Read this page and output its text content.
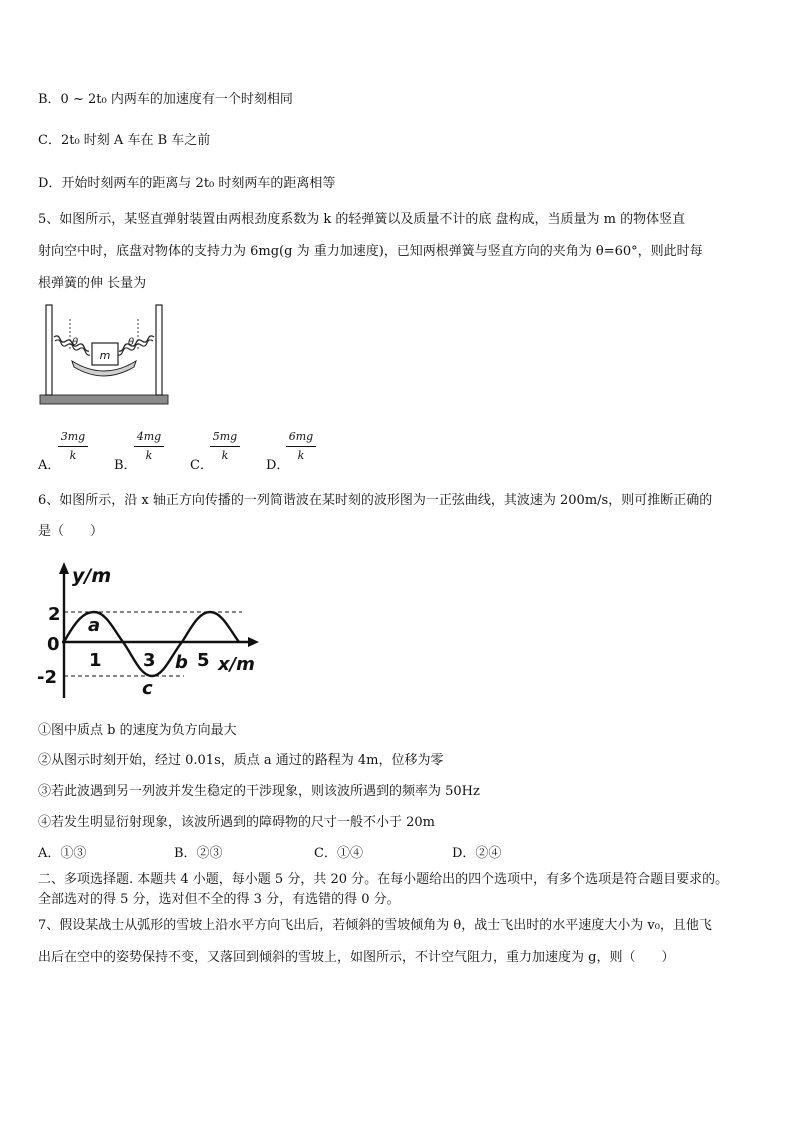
B．0 ~ 2t₀ 内两车的加速度有一个时刻相同
C．2t₀ 时刻 A 车在 B 车之前
D．开始时刻两车的距离与 2t₀ 时刻两车的距离相等
5、如图所示，某竖直弹射装置由两根劲度系数为 k 的轻弹簧以及质量不计的底 盘构成，当质量为 m 的物体竖直
射向空中时，底盘对物体的支持力为 6mg(g 为 重力加速度)，已知两根弹簧与竖直方向的夹角为 θ=60°，则此时每
根弹簧的伸 长量为
m
θ	θ
A．
$\frac{3mg}{k}$
B．
$\frac{4mg}{k}$
C．
$\frac{5mg}{k}$
D．
$\frac{6mg}{k}$
6、如图所示，沿 x 轴正方向传播的一列简谐波在某时刻的波形图为一正弦曲线，其波速为 200m/s，则可推断正确的
是（　　）
y/m
x/m
2
0
-2
1 3 5
a
b
c
①图中质点 b 的速度为负方向最大
②从图示时刻开始，经过 0.01s，质点 a 通过的路程为 4m，位移为零
③若此波遇到另一列波并发生稳定的干涉现象，则该波所遇到的频率为 50Hz
④若发生明显衍射现象，该波所遇到的障碍物的尺寸一般不小于 20m
A．①③	B．②③	C．①④	D．②④
二、多项选择题. 本题共 4 小题，每小题 5 分，共 20 分。在每小题给出的四个选项中，有多个选项是符合题目要求的。
全部选对的得 5 分，选对但不全的得 3 分，有选错的得 0 分。
7、假设某战士从弧形的雪坡上沿水平方向飞出后，若倾斜的雪坡倾角为 θ，战士飞出时的水平速度大小为 v₀，且他飞
出后在空中的姿势保持不变，又落回到倾斜的雪坡上，如图所示，不计空气阻力，重力加速度为 g，则（　　）
